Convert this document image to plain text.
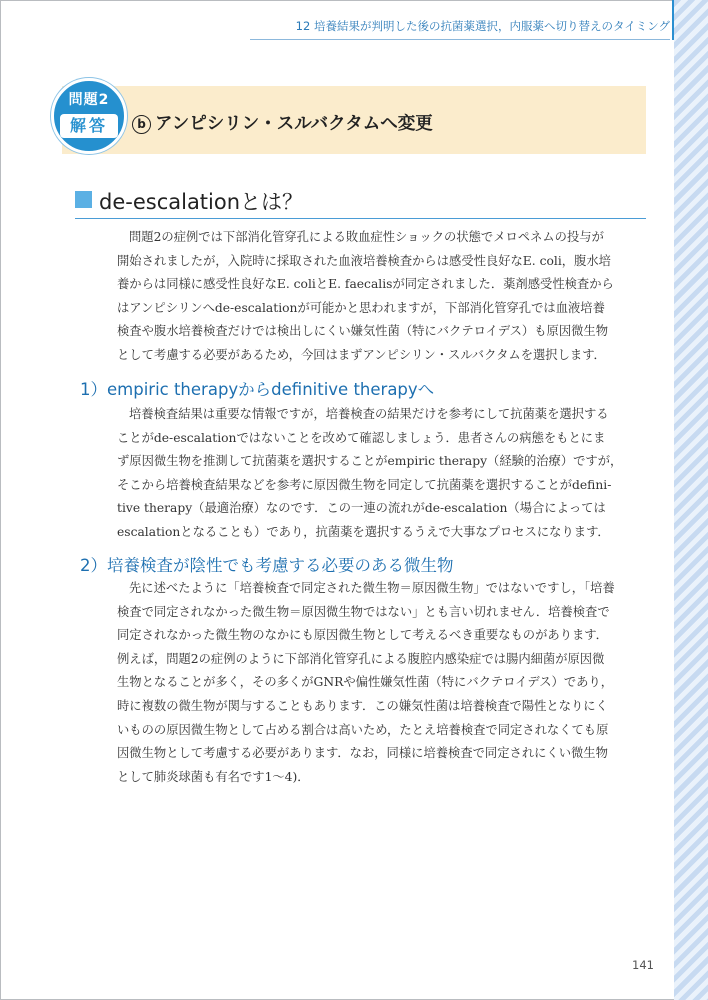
12 培養結果が判明した後の抗菌薬選択，内服薬へ切り替えのタイミング
問題2
解答	b アンピシリン・スルバクタムへ変更
de-escalationとは？
問題2の症例では下部消化管穿孔による敗血症性ショックの状態でメロペネムの投与が
開始されましたが，入院時に採取された血液培養検査からは感受性良好なE. coli，腹水培
養からは同様に感受性良好なE. coliとE. faecalisが同定されました．薬剤感受性検査から
はアンピシリンへde-escalationが可能かと思われますが，下部消化管穿孔では血液培養
検査や腹水培養検査だけでは検出しにくい嫌気性菌（特にバクテロイデス）も原因微生物
として考慮する必要があるため，今回はまずアンピシリン・スルバクタムを選択します．
1）empiric therapyからdefinitive therapyへ
培養検査結果は重要な情報ですが，培養検査の結果だけを参考にして抗菌薬を選択する
ことがde-escalationではないことを改めて確認しましょう．患者さんの病態をもとにま
ず原因微生物を推測して抗菌薬を選択することがempiric therapy（経験的治療）ですが，
そこから培養検査結果などを参考に原因微生物を同定して抗菌薬を選択することがdefini-
tive therapy（最適治療）なのです．この一連の流れがde-escalation（場合によっては
escalationとなることも）であり，抗菌薬を選択するうえで大事なプロセスになります．
2）培養検査が陰性でも考慮する必要のある微生物
先に述べたように「培養検査で同定された微生物＝原因微生物」ではないですし，「培養
検査で同定されなかった微生物＝原因微生物ではない」とも言い切れません．培養検査で
同定されなかった微生物のなかにも原因微生物として考えるべき重要なものがあります．
例えば，問題2の症例のように下部消化管穿孔による腹腔内感染症では腸内細菌が原因微
生物となることが多く，その多くがGNRや偏性嫌気性菌（特にバクテロイデス）であり，
時に複数の微生物が関与することもあります．この嫌気性菌は培養検査で陽性となりにく
いものの原因微生物として占める割合は高いため，たとえ培養検査で同定されなくても原
因微生物として考慮する必要があります．なお，同様に培養検査で同定されにくい微生物
として肺炎球菌も有名です1〜4)．
141
